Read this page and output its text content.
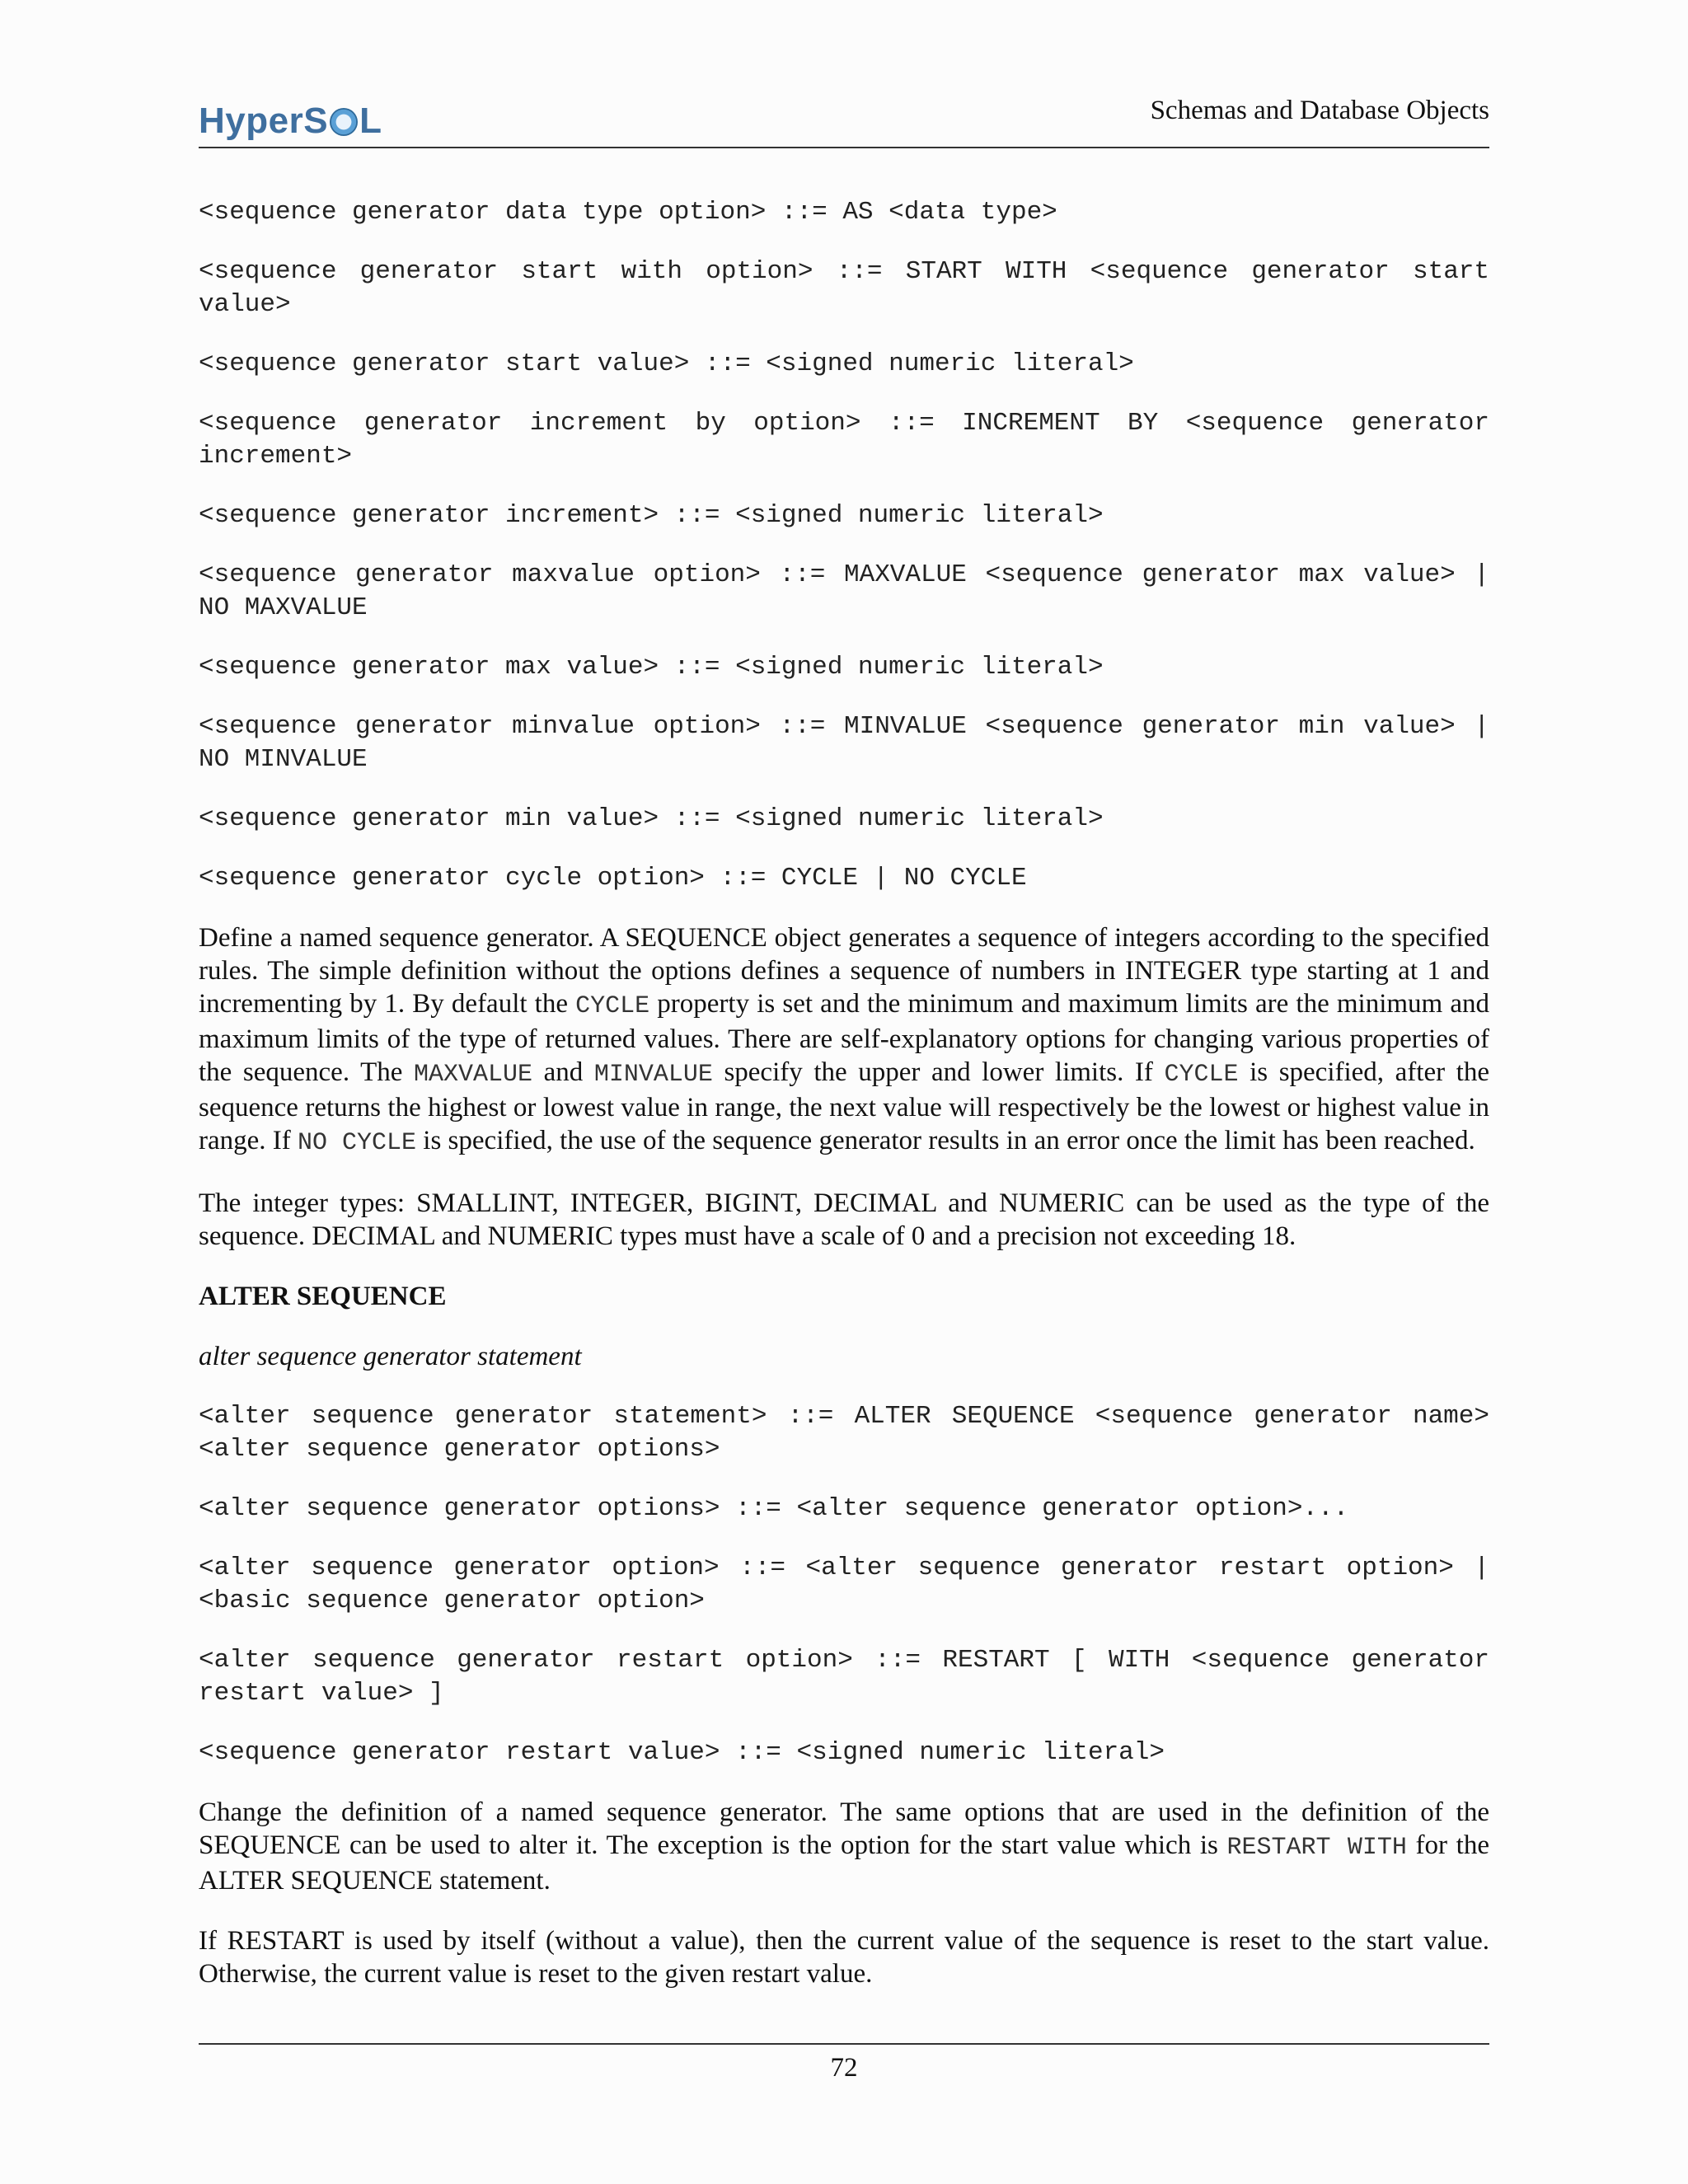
HyperS L	Schemas and Database Objects

<sequence generator data type option> ::= AS <data type>

<sequence generator start with option> ::= START WITH <sequence generator start value>

<sequence generator start value> ::= <signed numeric literal>

<sequence generator increment by option> ::= INCREMENT BY <sequence generator increment>

<sequence generator increment> ::= <signed numeric literal>

<sequence generator maxvalue option> ::= MAXVALUE <sequence generator max value> | NO MAXVALUE

<sequence generator max value> ::= <signed numeric literal>

<sequence generator minvalue option> ::= MINVALUE <sequence generator min value> | NO MINVALUE

<sequence generator min value> ::= <signed numeric literal>

<sequence generator cycle option> ::= CYCLE | NO CYCLE

Define a named sequence generator. A SEQUENCE object generates a sequence of integers according to the specified rules. The simple definition without the options defines a sequence of numbers in INTEGER type starting at 1 and incrementing by 1. By default the CYCLE property is set and the minimum and maximum limits are the minimum and maximum limits of the type of returned values. There are self-explanatory options for changing various properties of the sequence. The MAXVALUE and MINVALUE specify the upper and lower limits. If CYCLE is specified, after the sequence returns the highest or lowest value in range, the next value will respectively be the lowest or highest value in range. If NO CYCLE is specified, the use of the sequence generator results in an error once the limit has been reached.

The integer types: SMALLINT, INTEGER, BIGINT, DECIMAL and NUMERIC can be used as the type of the sequence. DECIMAL and NUMERIC types must have a scale of 0 and a precision not exceeding 18.

ALTER SEQUENCE
alter sequence generator statement

<alter sequence generator statement> ::= ALTER SEQUENCE <sequence generator name> <alter sequence generator options>

<alter sequence generator options> ::= <alter sequence generator option>...

<alter sequence generator option> ::= <alter sequence generator restart option> | <basic sequence generator option>

<alter sequence generator restart option> ::= RESTART [ WITH <sequence generator restart value> ]

<sequence generator restart value> ::= <signed numeric literal>

Change the definition of a named sequence generator. The same options that are used in the definition of the SEQUENCE can be used to alter it. The exception is the option for the start value which is RESTART WITH for the ALTER SEQUENCE statement.

If RESTART is used by itself (without a value), then the current value of the sequence is reset to the start value. Otherwise, the current value is reset to the given restart value.

72
